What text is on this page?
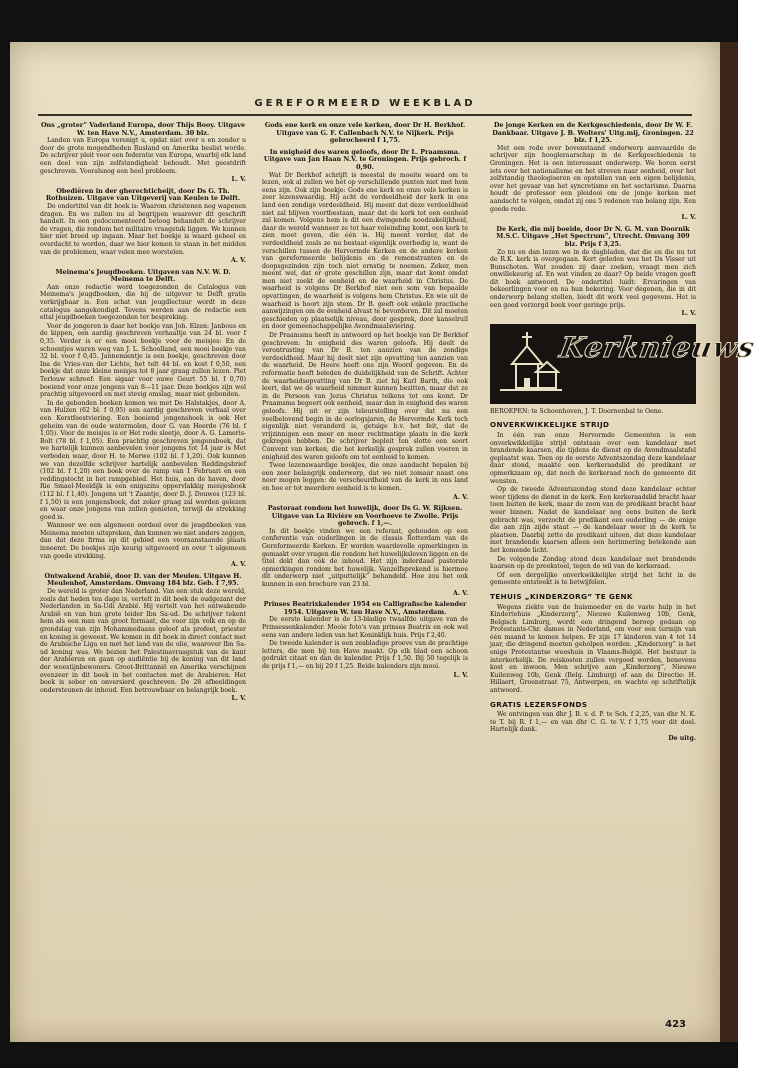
GEREFORMEERD WEEKBLAD
Ons „groter” Vaderland Europa, door Thijs Booy. Uitgave W. ten Have N.V., Amsterdam. 30 blz.

Landen van Europa verenigt u, opdat niet over u en zonder u door de grote mogendheden Rusland en Amerika beslist worde. De schrijver pleit voor een federatie van Europa, waarbij elk land een deel van zijn zelfstandigheid behoudt. Met geestdrift geschreven. Vooralsnog een heel probleem.

L. V.
Obediëren in der gherechticheijt, door Ds G. Th. Rothuizen. Uitgave van Uitgeverij van Keulen te Delft.

De ondertitel van dit boek is: Waarom christenen nog wapenen dragen. En we zullen nu al begrijpen waarover dit geschrift handelt. In een gedocumenteerd betoog behandelt de schrijver de vragen, die rondom het militaire vraagstuk liggen. We kunnen hier niet breed op ingaan. Maar het boekje is waard geheel en overdacht te worden, daar we hier komen te staan in het midden van de problemen, waar velen mee worstelen.

A. V.
Meinema's Jeugdboeken. Uitgaven van N.V. W. D. Meinema te Delft.

Aan onze redactie werd toegezonden de Catalogus van Meinema's jeugdboeken, die bij de uitgever te Delft gratis verkrijgbaar is. Een schat van jeugdlectuur wordt in deze catalogus aangekondigd. Tevens werden aan de redactie een eltal jeugdboeken toegezonden ter bespreking.

Voor de jongeren is daar het boekje van Joh. Elzen: Janbous en de kippen, een aardig geschreven verhaaltje van 24 bl. voor f 0,35. Verder is er een mooi boekje voor de meisjes: En de schoentjes waren weg van J. L. Schoolland, een mooi boekje van 32 bl. voor f 0,45. Jannemientje is een boekje, geschreven door Ina de Vries-van der Lichte, het telt 44 bl. en kost f 0,50, een boekje dat onze kleine meisjes tot 8 jaar graag zullen lezen. Piet Terlouw schreef: Een sigaar voor ouwe Geurt 55 bl. f 0,70) boeiend voor onze jongens van 8—11 jaar. Deze boekjes zijn wel prachtig uitgevoerd en met stevig omslag, maar niet gebonden.

In de gebonden boeken komen we met De Halstakjes, door A. van Hulzen (62 bl. f 0,95) een aardig geschreven verhaal over een Kerstfeestviering. Een boeiend jongensboek is ook Het geheim van de oude watermolen, door G. van Heerde (76 bl. f 1,05). Voor de meisjes is er Het rode sleetje, door A. G. Lameris-Bolt (78 bl. f 1,05). Een prachtig geschreven jongensboek, dat we hartelijk kunnen aanbevelen voor jongens tot 14 jaar is Met verboden waar, door H. te Merwe (102 bl. f 1,20). Ook kunnen we van dezelfde schrijver hartelijk aanbevelen Reddingsbrief (102 bl. f 1,20) een boek over de ramp van 1 Februari en een reddingstocht in het rampgebied. Het huis, aan de haven, door Rie Smael-Meeldijk is een enigszins oppervlakkig meisjesboek (112 bl. f 1,40). Jongens uit 't Zaantje, door D. J. Douwes (123 bl. f 1,50) is een jongensboek, dat zeker graag zal worden gelezen en waar onze jongens van zullen genieten, terwijl de strekking goed is.

Wanneer we een algemeen oordeel over de jeugdboeken van Meinema moeten uitspreken, dan kunnen we niet anders zeggen, dan dat deze firma op dit gebied een vooraanstaande plaats inneemt. De boekjes zijn keurig uitgevoerd en over 't algemeen van goede strekking.

A. V.
Ontwakend Arabië, door D. van der Meulen. Uitgave H. Meulenhof, Amsterdam. Omvang 184 blz. Geb. f 7,95.

De wereld is groter dan Nederland. Van een stuk deze wereld, zoals dat heden ten dage is, vertelt in dit boek de oudgezant der Nederlanden in Sa-Udi Arabië. Hij vertelt van het ontwakende Arabië en van hun grote leider Ibn Sa-ud. De schrijver tekent hem als een man van groot formaat, die voor zijn volk en op de grondslag van zijn Mohammedaans geloof als profeet, priester en koning is geweest. We komen in dit boek in direct contact met de Arabische Liga en met het land van de olie, waarover Ibn Sa-ud koning was. We bezien het Palestinavraagstuk van de kant der Arabieren en gaan op audiëntie bij de koning van dit land der woestijnbewoners. Groot-Brittannië en Amerika verschijnen evenzeer in dit boek in het contacten met de Arabieren. Het boek is sober en onversierd geschreven. De 28 afbeeldingen ondersteunen de inhoud. Een betrouwbaar en belangrijk boek.

L. V.
Gods ene kerk en onze vele kerken, door Dr H. Berkhof. Uitgave van G. F. Callenbach N.V. te Nijkerk. Prijs gebrocheerd f 1,75.
In enigheid des waren geloofs, door Dr L. Praamsma. Uitgave van Jan Haan N.V. te Groningen. Prijs gebroch. f 0,90.

Wat Dr Berkhof schrijft is meestal de moeite waard om te lezen, ook al zullen we het op verschillende punten niet met hem eens zijn. Ook zijn boekje: Gods ene kerk en onze vele kerken is zeer lezenswaardig. Hij acht de verdeeldheid der kerk in ons land een zondige verdeeldheid. Hij meent dat deze verdeeldheid niet zal blijven voortbestaan, maar dat de kerk tot een eenheid zal komen. Volgens hem is dit een dwingende noodzakelijkheid, daar de wereld wanneer ze tot haar voleinding komt, een kerk te zien moet geven, die één is. Hij meent verder, dat de verdeeldheid zoals ze nu bestaat eigenlijk overbodig is, want de verschillen tussen de Hervormde Kerken en de andere kerken van gereformeerde belijdenis en de remonstranten en de doopsgezinden zijn toch niet ernstig te noemen. Zeker, men meent wel, dat er grote geschillen zijn, maar dat komt omdat men niet zoekt de eenheid en de waarheid in Christus. De waarheid is volgens Dr Berkhof niet een som van bepaalde opvattingen, de waarheid is volgens hem Christus. En wie uit de waarheid is hoort zijn stem. Dr B. geeft ook enkele practische aanwijzingen om de eenheid alvast te bevorderen. Dit zal moeten geschieden op plaatselijk niveau, door gesprek, door kanselruil en door gemeenschappelijke Avondmaalsviering.

Dr Praamsma heeft in antwoord op het boekje van Dr Berkhof geschreven: In enigheid des waren geloofs. Hij deelt de verontrusting van Dr B. ten aanzien van de zondige verdeeldheid. Maar hij deelt niet zijn opvatting ten aanzien van de waarheid. De Heere heeft ons zijn Woord gegeven. En de reformatie heeft beleden de duidelijkheid van de Schrift. Achter de waarheidsopvatting van Dr B. ziet hij Karl Barth, die ook leert, dat we de waarheid nimmer kunnen bezitten, maar dat ze in de Persoon van Jezus Christus telkens tot ons komt. Dr Praamsma begeert ook eenheid, maar dan in enigheid des waren geloofs. Hij uit er zijn teleurstelling over dat nu een veelbelovend begin in de oorlogsjaren, de Hervormde Kerk toch eigenlijk niet veranderd is, getuige b.v. het feit, dat de vrijzinnigen een meer en meer rechtmatige plaats in die kerk gekregen hebben. De schrijver bepleit ten slotte een soort Convent van kerken, die het kerkelijk gesprek zullen voeren in enigheid des waren geloofs om tot eenheid te komen.

Twee lezenswaardige boekjes, die onze aandacht bepalen bij een zeer belangrijk onderwerp, dat we niet zomaar naast ons neer mogen leggen: de verscheurdheid van de kerk in ons land en hoe er tot meerdere eenheid is te komen.

A. V.
Pastoraat rondom het huwelijk, door Ds G. W. Rijksen. Uitgave van La Rivière en Voorhoeve te Zwolle. Prijs gebroch. f 1,—.

In dit boekje vinden we een referaat, gehouden op een conferentie van ouderlingen in de classis Rotterdam van de Gereformeerde Kerken. Er worden waardevolle opmerkingen in gemaakt over vragen die rondom het huwelijksleven liggen en de titel dekt dan ook de inhoud. Het zijn inderdaad pastorale opmerkingen rondom het huwelijk. Vanzelfsprekend is hiermee dit onderwerp niet „uitputtelijk” behandeld. Hoe zou het ook kunnen in een brochure van 23 bl.

A. V.
Prinses Beatrixkalender 1954 en Calligrafische kalender 1954. Uitgaven W. ten Have N.V., Amsterdam.

De eerste kalender is de 13-bladige twaalfde uitgave van de Prinsessenkalender. Mooie foto's van prinses Beatrix en ook wel eens van andere leden van het Koninklijk huis. Prijs f 2,40.

De tweede kalender is een zeabladige proeve van de prachtige letters, die men bij ten Have maakt. Op elk blad een schoon gedrukt citaat en dan de kalender. Prijs f 1,50. Bij 50 tegelijk is de prijs f 1,— en bij 20 f 1,25. Beide kalenders zijn mooi.

L. V.
De jonge Kerken en de Kerkgeschiedenis, door Dr W. F. Dankbaar. Uitgave J. B. Wolters' Uitg.mij, Groningen. 22 blz. f 1,25.

Met een rede over bovenstaand onderwerp aanvaardde de schrijver zijn hoogleraarschap in de Kerkgeschiedenis te Groningen. Het is een interessant onderwerp. We horen eerst iets over het nationalisme en het streven naar eenheid, over het zelfstandig theologiseren en opstellen van een eigen belijdenis, over het gevaar van het syncretisme en het sectarisme. Daarna houdt de professor een pleidooi om de jonge kerken met aandacht te volgen, omdat zij ons 5 redenen van belang zijn. Een goede rede.

L. V.
De Kerk, die mij boeide, door Dr N. G. M. van Doornik M.S.C. Uitgave „Het Spectrum”, Utrecht. Omvang 309 blz. Prijs f 3,25.

Zo nu en dan lezen we in de dagbladen, dat die en die nu tot de R.K. kerk is overgegaan. Kort geleden was het Ds Visser uit Bunschoten. Wat zouden zij daar zoeken, vraagt men zich onwillekeurig af. En wat vinden ze daar? Op beide vragen geeft dit boek antwoord. De ondertitel luidt: Ervaringen van bekeerlingen voor en na hun bekering. Voor degenen, die in dit onderwerp belang stellen, biedt dit werk veel gegevens. Het is een goed verzorgd boek voor geringe prijs.

L. V.
Kerknieuws

BEROEPEN: te Schoonhoven, J. T. Doornenbal te Oene.

ONVERKWIKKELIJKE STRIJD

In één van onze Hervormde Gemeenten is een onverkwikkelijke strijd ontstaan over een kandelaar met brandende kaarsen, die tijdens de dienst op de Avondmaalstafel geplaatst was. Toen op de eerste Adventszondag deze kandelaar daar stond, maakte een kerkeraadslid de predikant er opmerkzaam op, dat noch de kerkeraad noch de gemeente dit wensten.

Op de tweede Adventszondag stond deze kandelaar echter weer tijdens de dienst in de kerk. Een kerkeraadslid bracht haar toen buiten de kerk, maar de zoon van de predikant bracht haar weer binnen. Nadat de kandelaar nog eens buiten de kerk gebracht was, verzocht de predikant een ouderling — de enige die aan zijn zijde staat — de kandelaar weer in de kerk te plaatsen. Daarbij zette de predikant uiteen, dat deze kandelaar met brandende kaarsen alleen een herinnering betekende aan het komende licht.

De volgende Zondag stond deze kandelaar met brandende kaarsen op de preekstoel, tegen de wil van de kerkeraad.

Of een dergelijke onverkwikkelijke strijd het licht in de gemeente ontsteekt is te betwijfelen.

TEHUIS „KINDERZORG” TE GENK

Wegens ziekte van de huismoeder en de vaste hulp in het Kindertehuis „Kinderzorg”, Nieuwe Kuilenweg 10b, Genk, Belgisch Limburg, wordt een dringend beroep gedaan op Protestants-Chr. dames in Nederland, om voor een termijn van één maand te komen helpen. Er zijn 17 kinderen van 4 tot 14 jaar, die dringend moeten geholpen worden. „Kinderzorg” is het enige Protestantse weeshuis in Vlaams-België. Het bestuur is interkerkelijk. De reiskosten zullen vergoed worden, benevens kost en inwoon. Men schrijve aan „Kinderzorg”, Nieuwe Kuilenweg 10b, Genk (Belg. Limburg) of aan de Directie: H. Hillaert, Groenstraat 75, Antwerpen, en wachte op schriftelijk antwoord.

GRATIS LEZERSFONDS

We ontvingen van dhr J. B. v. d. P. te Sch. f 2,25, van dhr N. K. te T. bij R. f 1,— en van dhr C. G. te V. f 1,75 voor dit doel. Hartelijk dank.

De uitg.
423
